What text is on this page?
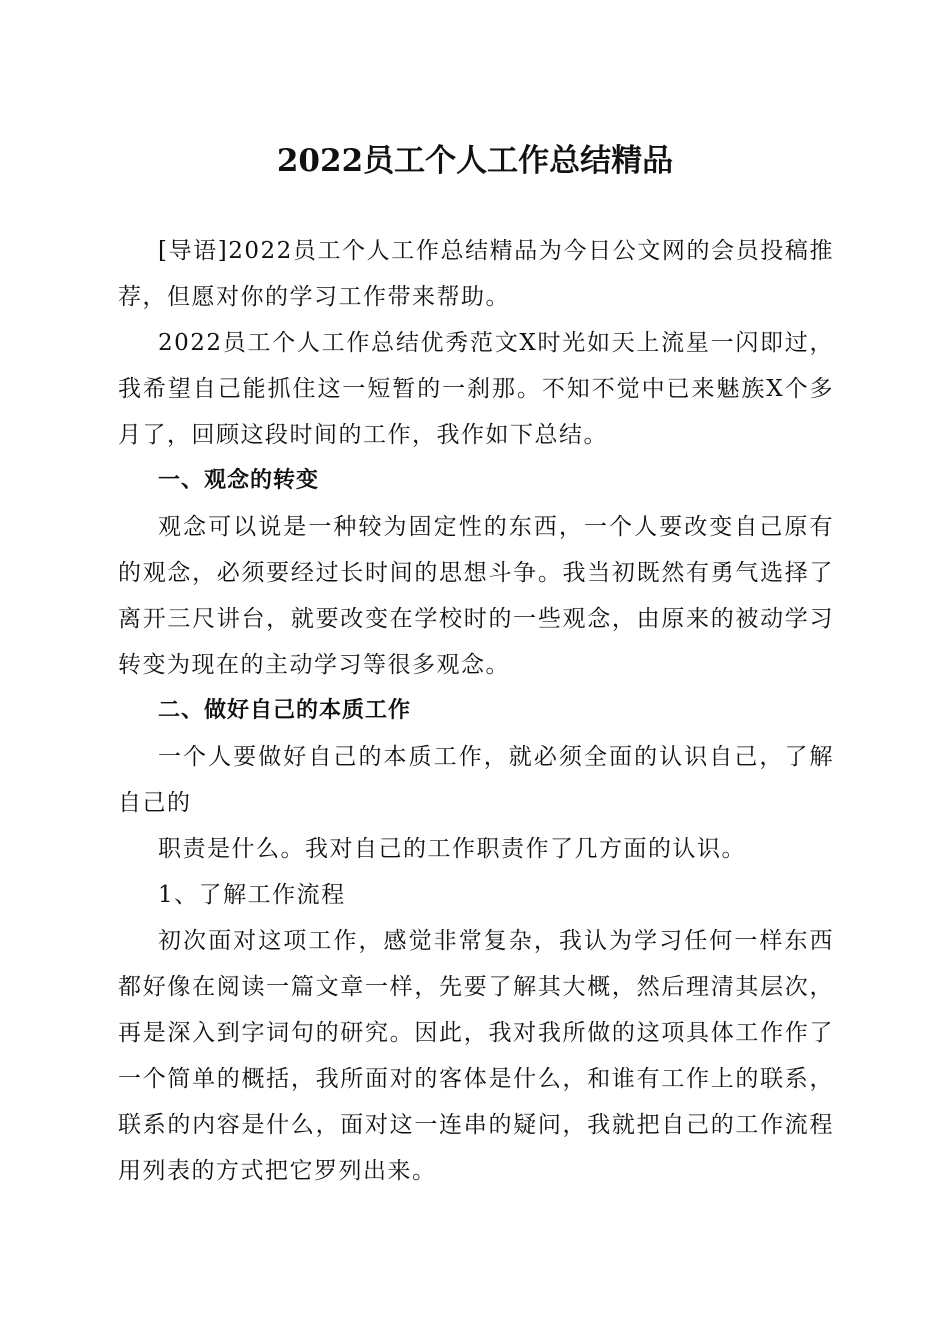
2022员工个人工作总结精品

[导语]2022员工个人工作总结精品为今日公文网的会员投稿推荐，但愿对你的学习工作带来帮助。

2022员工个人工作总结优秀范文X时光如天上流星一闪即过，我希望自己能抓住这一短暂的一刹那。不知不觉中已来魅族X个多月了，回顾这段时间的工作，我作如下总结。

一、观念的转变

观念可以说是一种较为固定性的东西，一个人要改变自己原有的观念，必须要经过长时间的思想斗争。我当初既然有勇气选择了离开三尺讲台，就要改变在学校时的一些观念，由原来的被动学习转变为现在的主动学习等很多观念。

二、做好自己的本质工作

一个人要做好自己的本质工作，就必须全面的认识自己，了解自己的

职责是什么。我对自己的工作职责作了几方面的认识。

1、了解工作流程

初次面对这项工作，感觉非常复杂，我认为学习任何一样东西都好像在阅读一篇文章一样，先要了解其大概，然后理清其层次，再是深入到字词句的研究。因此，我对我所做的这项具体工作作了一个简单的概括，我所面对的客体是什么，和谁有工作上的联系，联系的内容是什么，面对这一连串的疑问，我就把自己的工作流程用列表的方式把它罗列出来。
